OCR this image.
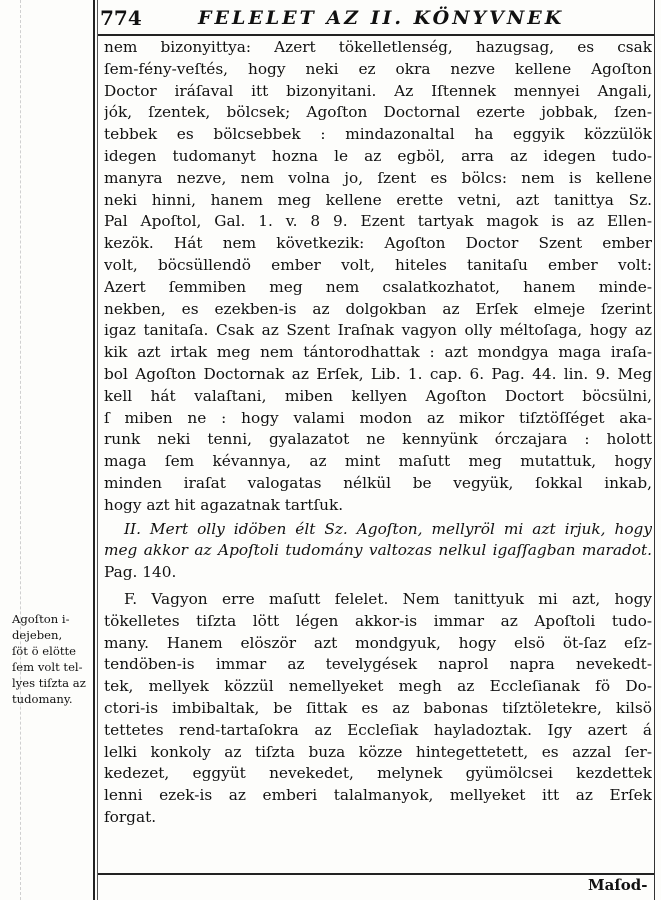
774	FELELET AZ II. KÖNYVNEK
nem bizonyittya: Azert tökelletlenség, hazugsag, es csak
ſem-fény-veſtés, hogy neki ez okra nezve kellene Agoſton
Doctor iráſaval itt bizonyitani. Az Iſtennek mennyei Angali,
jók, ſzentek, bölcsek; Agoſton Doctornal ezerte jobbak, ſzen-
tebbek es bölcsebbek : mindazonaltal ha eggyik közzülök
idegen tudomanyt hozna le az egböl, arra az idegen tudo-
manyra nezve, nem volna jo, ſzent es bölcs: nem is kellene
neki hinni, hanem meg kellene erette vetni, azt tanittya Sz.
Pal Apoſtol, Gal. 1. v. 8 9. Ezent tartyak magok is az Ellen-
kezök. Hát nem következik: Agoſton Doctor Szent ember
volt, böcsüllendö ember volt, hiteles tanitaſu ember volt:
Azert ſemmiben meg nem csalatkozhatot, hanem minde-
nekben, es ezekben-is az dolgokban az Erſek elmeje ſzerint
igaz tanitaſa. Csak az Szent Iraſnak vagyon olly méltoſaga, hogy az
kik azt irtak meg nem tántorodhattak : azt mondgya maga iraſa-
bol Agoſton Doctornak az Erſek, Lib. 1. cap. 6. Pag. 44. lin. 9. Meg
kell hát valaſtani, miben kellyen Agoſton Doctort böcsülni,
ſ miben ne : hogy valami modon az mikor tiſztöſſéget aka-
runk neki tenni, gyalazatot ne kennyünk órczajara : holott
maga ſem kévannya, az mint maſutt meg mutattuk, hogy
minden iraſat valogatas nélkül be vegyük, ſokkal inkab,
hogy azt hit agazatnak tartſuk.
II. Mert olly idöben élt Sz. Agoſton, mellyröl mi azt irjuk, hogy
meg akkor az Apoſtoli tudomány valtozas nelkul igaſſagban maradot.
Pag. 140.
F. Vagyon erre maſutt felelet. Nem tanittyuk mi azt, hogy
tökelletes tiſzta lött légen akkor-is immar az Apoſtoli tudo-
many. Hanem elöször azt mondgyuk, hogy elsö öt-ſaz eſz-
tendöben-is immar az tevelygések naprol napra nevekedt-
tek, mellyek közzül nemellyeket megh az Eccleſianak fö Do-
ctori-is imbibaltak, be ſittak es az babonas tiſztöletekre, kilsö
tettetes rend-tartaſokra az Eccleſiak hayladoztak. Igy azert á
lelki konkoly az tiſzta buza közze hintegettetett, es azzal ſer-
kedezet, eggyüt nevekedet, melynek gyümölcsei kezdettek
lenni ezek-is az emberi talalmanyok, mellyeket itt az Erſek
forgat.
Agoſton i-
dejeben,
ſöt ö elötte
ſem volt tel-
lyes tiſzta az
tudomany.
Maſod-
